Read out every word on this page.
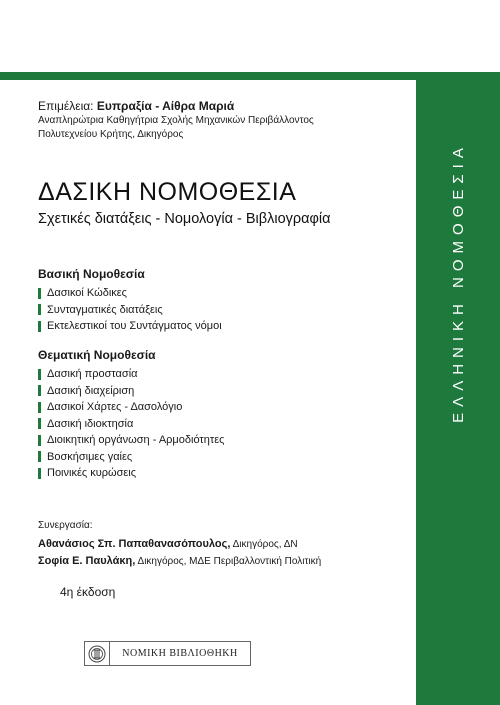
ΕΛΛΗΝΙΚΗ ΝΟΜΟΘΕΣΙΑ
Επιμέλεια: Ευπραξία - Αίθρα Μαριά
Αναπληρώτρια Καθηγήτρια Σχολής Μηχανικών Περιβάλλοντος
Πολυτεχνείου Κρήτης, Δικηγόρος
ΔΑΣΙΚΗ ΝΟΜΟΘΕΣΙΑ
Σχετικές διατάξεις - Νομολογία - Βιβλιογραφία
Βασική Νομοθεσία
Δασικοί Κώδικες
Συνταγματικές διατάξεις
Εκτελεστικοί του Συντάγματος νόμοι
Θεματική Νομοθεσία
Δασική προστασία
Δασική διαχείριση
Δασικοί Χάρτες - Δασολόγιο
Δασική ιδιοκτησία
Διοικητική οργάνωση - Αρμοδιότητες
Βοσκήσιμες γαίες
Ποινικές κυρώσεις
Συνεργασία:
Αθανάσιος Σπ. Παπαθανασόπουλος, Δικηγόρος, ΔΝ
Σοφία Ε. Παυλάκη, Δικηγόρος, ΜΔΕ Περιβαλλοντική Πολιτική
4η έκδοση
ΝΟΜΙΚΗ ΒΙΒΛΙΟΘΗΚΗ
